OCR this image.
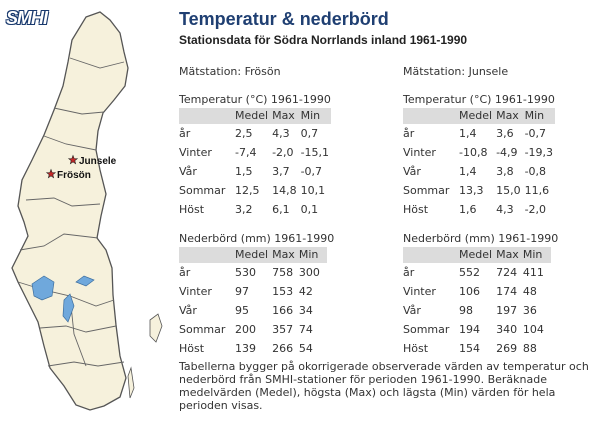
Junsele
Frösön
SMHI	Temperatur & nederbörd
Stationsdata för Södra Norrlands inland 1961-1990
Mätstation: Frösön
Temperatur (°C) 1961-1990
	Medel	Max	Min
år	2,5	4,3	0,7
Vinter	-7,4	-2,0	-15,1
Vår	1,5	3,7	-0,7
Sommar	12,5	14,8	10,1
Höst	3,2	6,1	0,1
Nederbörd (mm) 1961-1990
	Medel	Max	Min
år	530	758	300
Vinter	97	153	42
Vår	95	166	34
Sommar	200	357	74
Höst	139	266	54
Mätstation: Junsele
Temperatur (°C) 1961-1990
	Medel	Max	Min
år	1,4	3,6	-0,7
Vinter	-10,8	-4,9	-19,3
Vår	1,4	3,8	-0,8
Sommar	13,3	15,0	11,6
Höst	1,6	4,3	-2,0
Nederbörd (mm) 1961-1990
	Medel	Max	Min
år	552	724	411
Vinter	106	174	48
Vår	98	197	36
Sommar	194	340	104
Höst	154	269	88
Tabellerna bygger på okorrigerade observerade värden av temperatur och nederbörd från SMHI-stationer för perioden 1961-1990. Beräknade medelvärden (Medel), högsta (Max) och lägsta (Min) värden för hela perioden visas.
